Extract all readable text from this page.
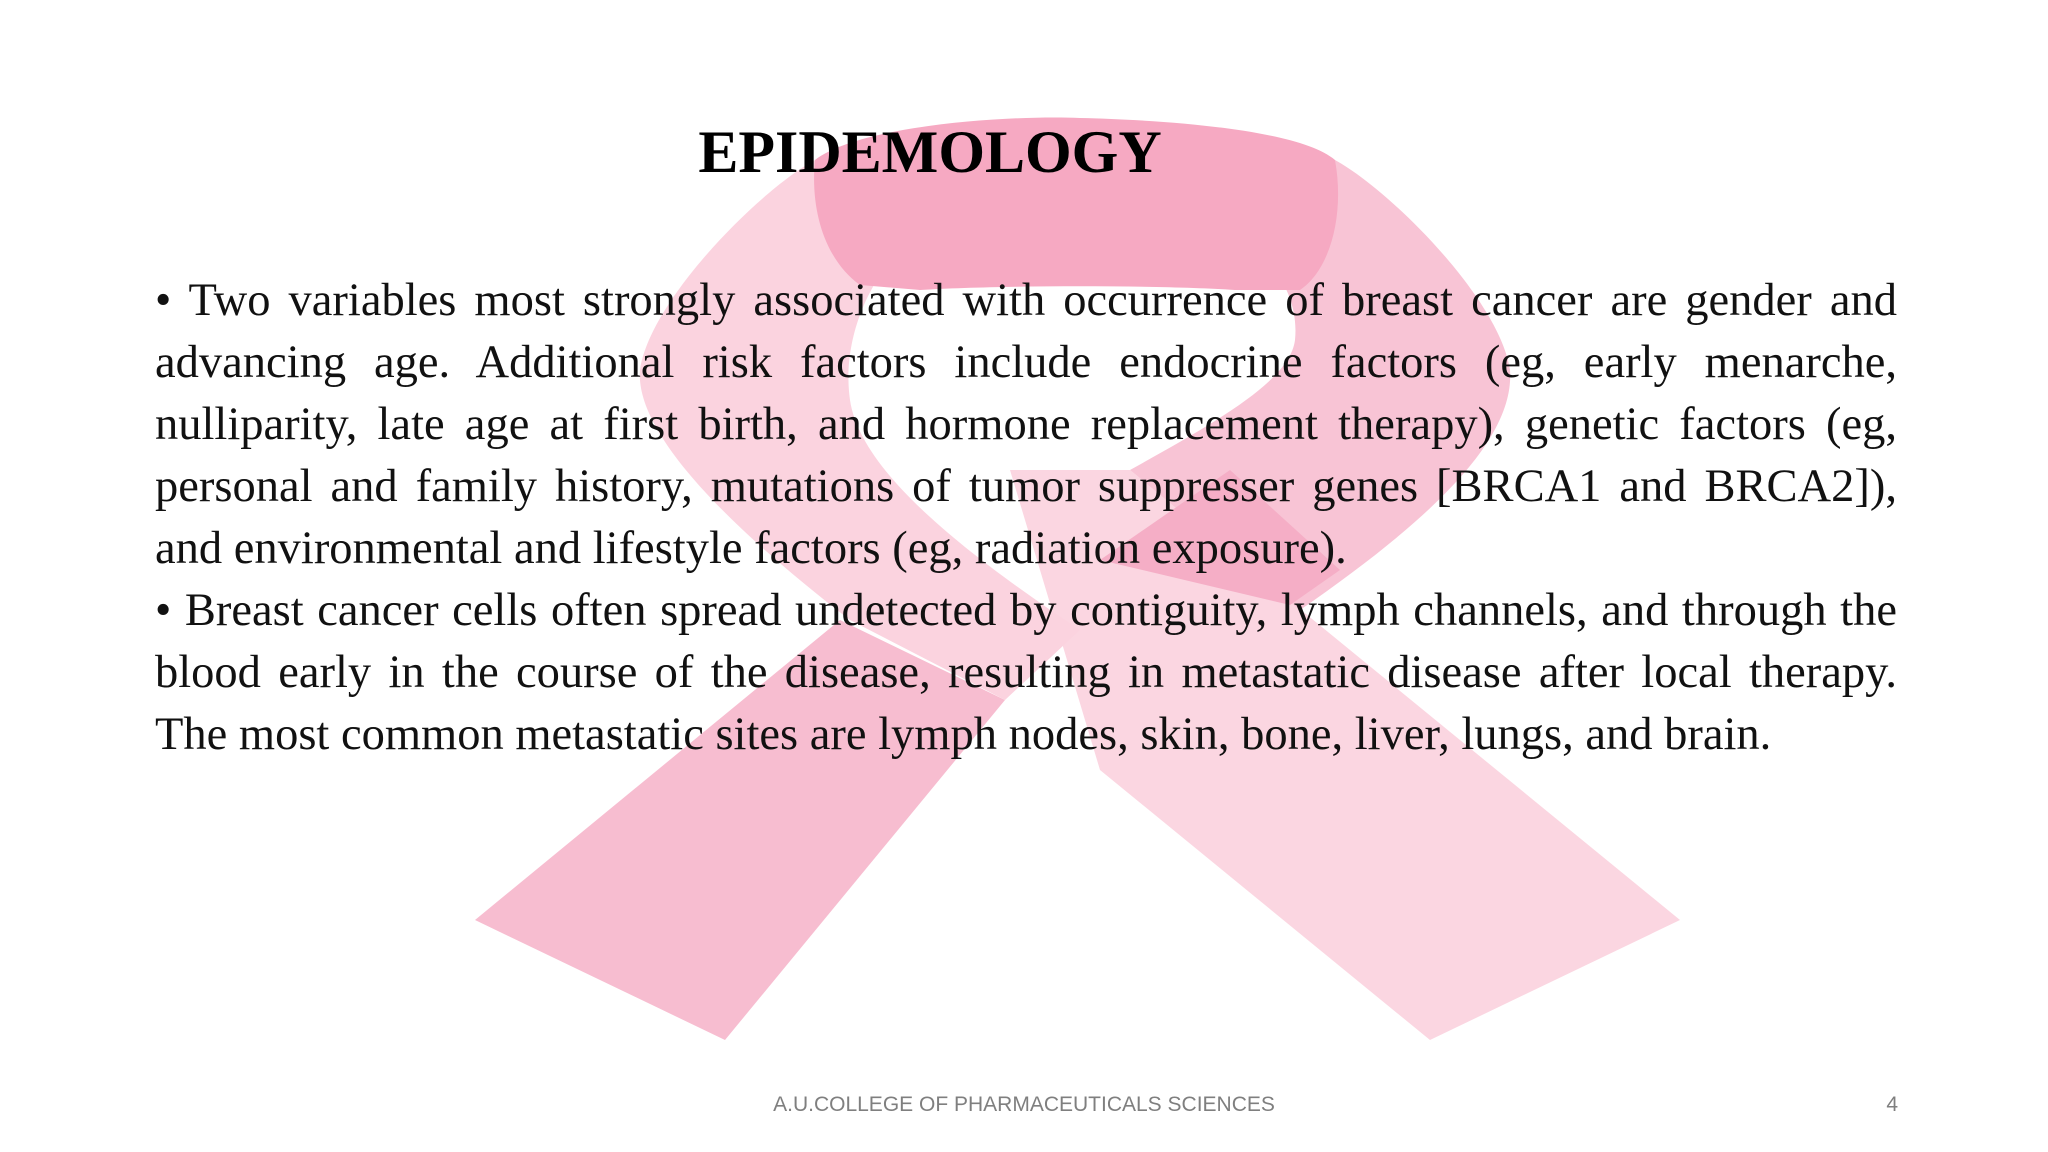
EPIDEMOLOGY

• Two variables most strongly associated with occurrence of breast cancer are gender and advancing age. Additional risk factors include endocrine factors (eg, early menarche, nulliparity, late age at first birth, and hormone replacement therapy), genetic factors (eg, personal and family history, mutations of tumor suppresser genes [BRCA1 and BRCA2]), and environmental and lifestyle factors (eg, radiation exposure).

• Breast cancer cells often spread undetected by contiguity, lymph channels, and through the blood early in the course of the disease, resulting in metastatic disease after local therapy. The most common metastatic sites are lymph nodes, skin, bone, liver, lungs, and brain.

A.U.COLLEGE OF PHARMACEUTICALS SCIENCES	4
